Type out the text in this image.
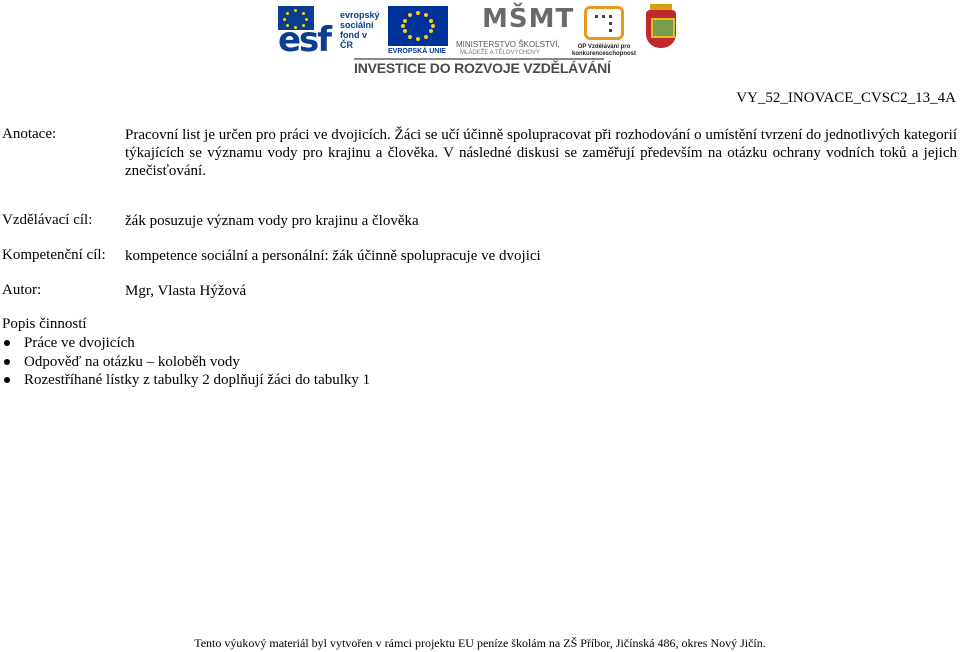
esf
evropský
sociální
fond v ČR
EVROPSKÁ UNIE
MŠMT
MINISTERSTVO ŠKOLSTVÍ,
MLÁDEŽE A TĚLOVÝCHOVY
OP Vzdělávání pro konkurenceschopnost
INVESTICE DO ROZVOJE VZDĚLÁVÁNÍ
VY_52_INOVACE_CVSC2_13_4A
Anotace:	Pracovní list je určen pro práci ve dvojicích. Žáci se učí účinně spolupracovat při rozhodování o umístění tvrzení do jednotlivých kategorií týkajících se významu vody pro krajinu a člověka. V následné diskusi se zaměřují především na otázku ochrany vodních toků a jejich znečisťování.
Vzdělávací cíl: žák posuzuje význam vody pro krajinu a člověka
Kompetenční cíl: kompetence sociální a personální: žák účinně spolupracuje ve dvojici
Autor:	Mgr, Vlasta Hýžová
Popis činností
Práce ve dvojicích
Odpověď na otázku – koloběh vody
Rozestříhané lístky z tabulky 2 doplňují žáci do tabulky 1
Tento výukový materiál byl vytvořen v rámci projektu EU peníze školám na ZŠ Příbor, Jičínská 486, okres Nový Jičín.
